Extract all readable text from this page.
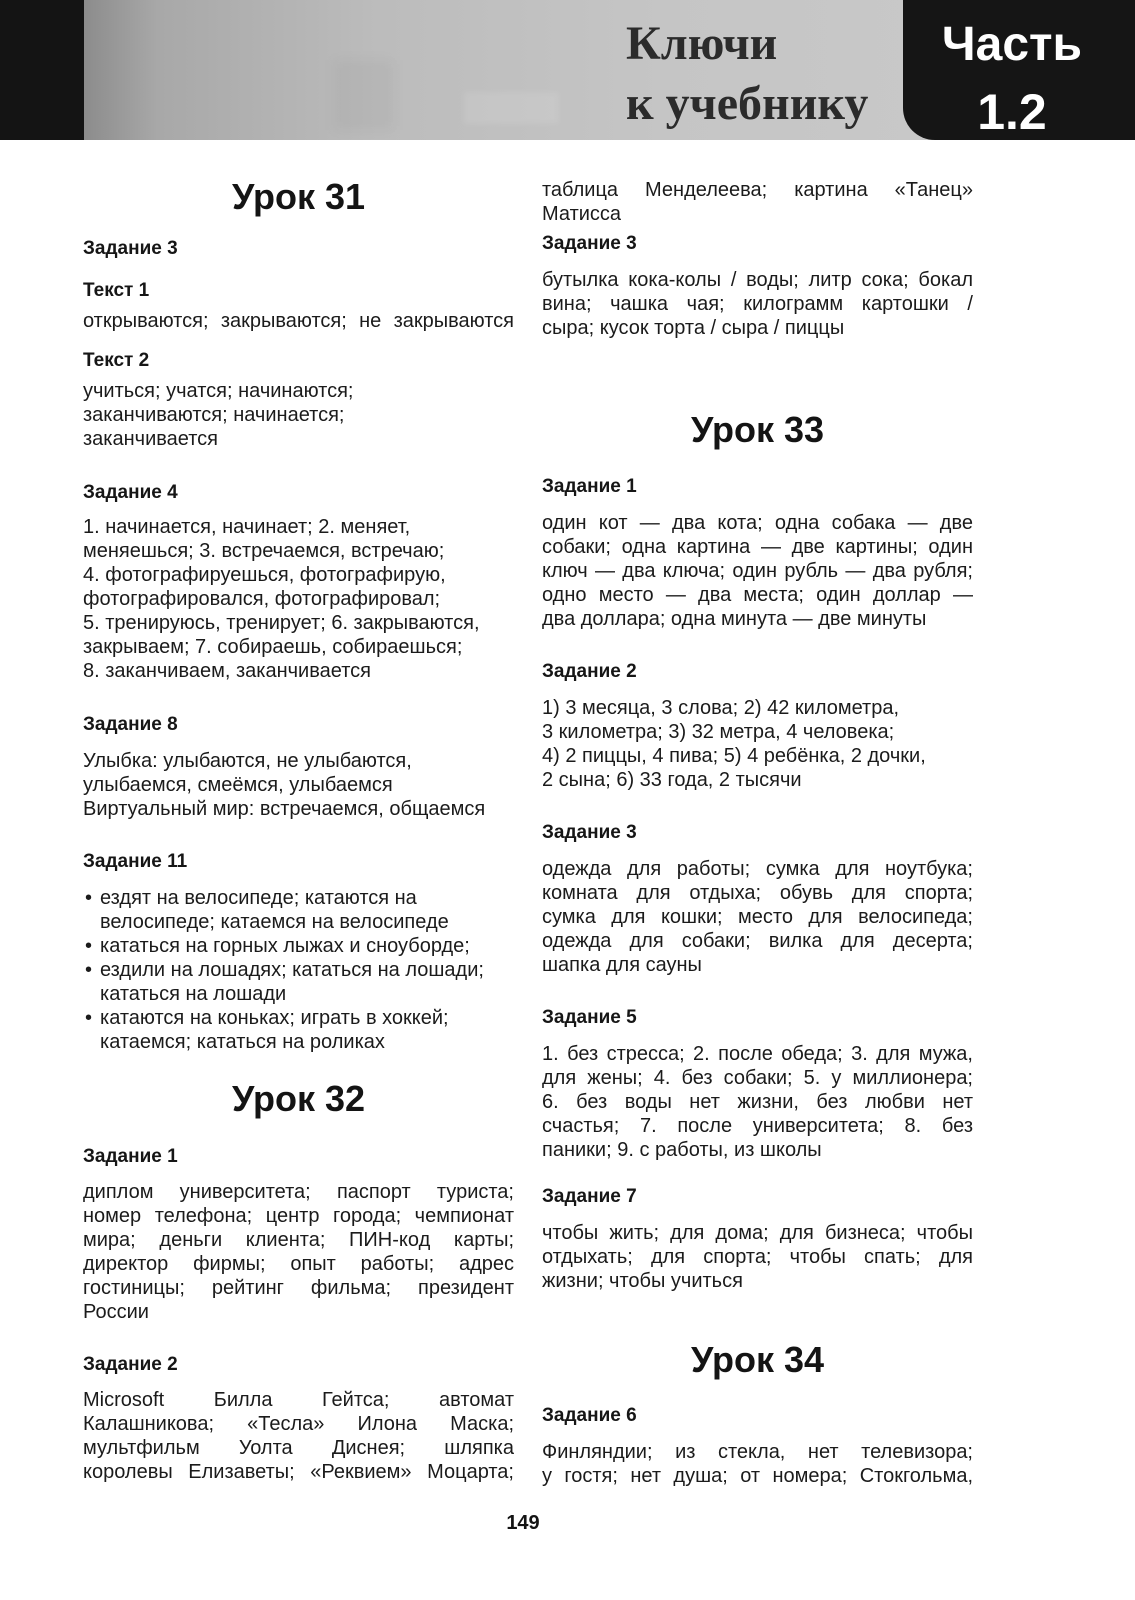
Ключи
к учебнику
Часть
1.2
Урок 31
Задание 3
Текст 1
открываются; закрываются; не закрываются
Текст 2
учиться; учатся; начинаются;
заканчиваются; начинается;
заканчивается
Задание 4
1. начинается, начинает; 2. меняет,
меняешься; 3. встречаемся, встречаю;
4. фотографируешься, фотографирую,
фотографировался, фотографировал;
5. тренируюсь, тренирует; 6. закрываются,
закрываем; 7. собираешь, собираешься;
8. заканчиваем, заканчивается
Задание 8
Улыбка: улыбаются, не улыбаются,
улыбаемся, смеёмся, улыбаемся
Виртуальный мир: встречаемся, общаемся
Задание 11
•
ездят на велосипеде; катаются на
велосипеде; катаемся на велосипеде
•
кататься на горных лыжах и сноуборде;
•
ездили на лошадях; кататься на лошади;
кататься на лошади
•
катаются на коньках; играть в хоккей;
катаемся; кататься на роликах
Урок 32
Задание 1
диплом университета; паспорт туриста;
номер телефона; центр города; чемпионат
мира; деньги клиента; ПИН-код карты;
директор фирмы; опыт работы; адрес
гостиницы; рейтинг фильма; президент
России
Задание 2
Microsoft Билла Гейтса; автомат
Калашникова; «Тесла» Илона Маска;
мультфильм Уолта Диснея; шляпка
королевы Елизаветы; «Реквием» Моцарта;
таблица Менделеева; картина «Танец»
Матисса
Задание 3
бутылка кока-колы / воды; литр сока; бокал
вина; чашка чая; килограмм картошки /
сыра; кусок торта / сыра / пиццы
Урок 33
Задание 1
один кот — два кота; одна собака — две
собаки; одна картина — две картины; один
ключ — два ключа; один рубль — два рубля;
одно место — два места; один доллар —
два доллара; одна минута — две минуты
Задание 2
1) 3 месяца, 3 слова; 2) 42 километра,
3 километра; 3) 32 метра, 4 человека;
4) 2 пиццы, 4 пива; 5) 4 ребёнка, 2 дочки,
2 сына; 6) 33 года, 2 тысячи
Задание 3
одежда для работы; сумка для ноутбука;
комната для отдыха; обувь для спорта;
сумка для кошки; место для велосипеда;
одежда для собаки; вилка для десерта;
шапка для сауны
Задание 5
1. без стресса; 2. после обеда; 3. для мужа,
для жены; 4. без собаки; 5. у миллионера;
6. без воды нет жизни, без любви нет
счастья; 7. после университета; 8. без
паники; 9. с работы, из школы
Задание 7
чтобы жить; для дома; для бизнеса; чтобы
отдыхать; для спорта; чтобы спать; для
жизни; чтобы учиться
Урок 34
Задание 6
Финляндии; из стекла, нет телевизора;
у гостя; нет душа; от номера; Стокгольма,
149
